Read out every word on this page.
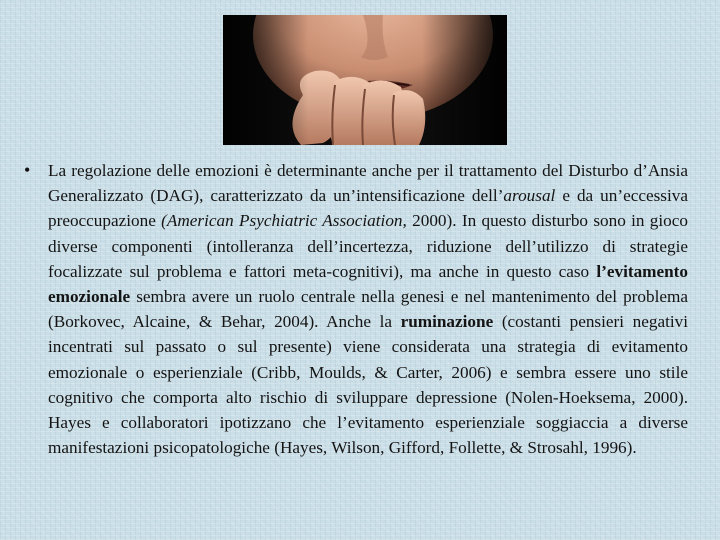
• La regolazione delle emozioni è determinante anche per il trattamento del Disturbo d’Ansia Generalizzato (DAG), caratterizzato da un’intensificazione dell’arousal e da un’eccessiva preoccupazione (American Psychiatric Association, 2000). In questo disturbo sono in gioco diverse componenti (intolleranza dell’incertezza, riduzione dell’utilizzo di strategie focalizzate sul problema e fattori meta-cognitivi), ma anche in questo caso l’evitamento emozionale sembra avere un ruolo centrale nella genesi e nel mantenimento del problema (Borkovec, Alcaine, & Behar, 2004). Anche la ruminazione (costanti pensieri negativi incentrati sul passato o sul presente) viene considerata una strategia di evitamento emozionale o esperienziale (Cribb, Moulds, & Carter, 2006) e sembra essere uno stile cognitivo che comporta alto rischio di sviluppare depressione (Nolen-Hoeksema, 2000). Hayes e collaboratori ipotizzano che l’evitamento esperienziale soggiaccia a diverse manifestazioni psicopatologiche (Hayes, Wilson, Gifford, Follette, & Strosahl, 1996).
